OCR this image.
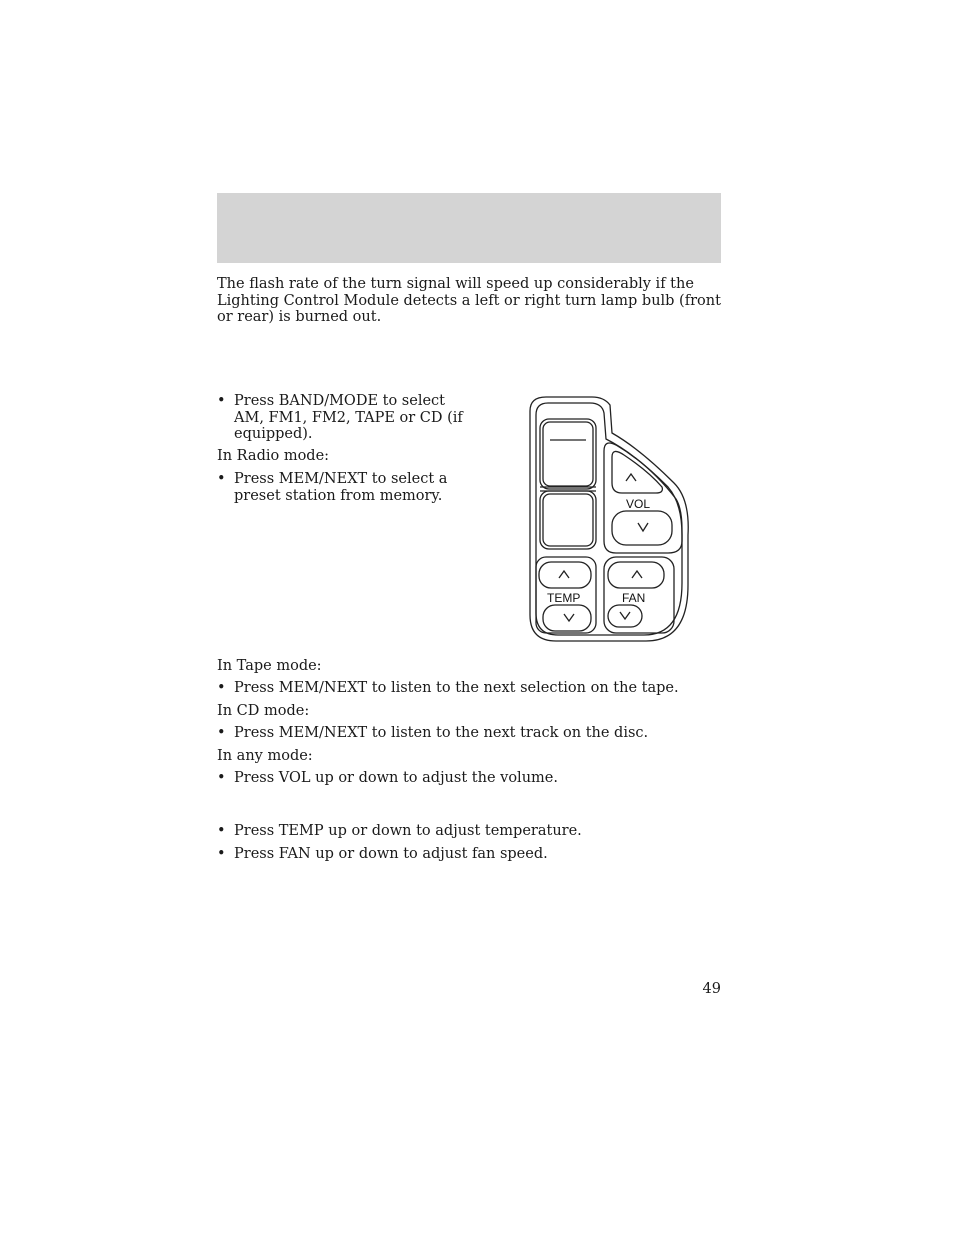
The flash rate of the turn signal will speed up considerably if the Lighting Control Module detects a left or right turn lamp bulb (front or rear) is burned out.

• Press BAND/MODE to select AM, FM1, FM2, TAPE or CD (if equipped).

In Radio mode:

• Press MEM/NEXT to select a preset station from memory.
VOL
TEMP	FAN

In Tape mode:

• Press MEM/NEXT to listen to the next selection on the tape.

In CD mode:

• Press MEM/NEXT to listen to the next track on the disc.

In any mode:

• Press VOL up or down to adjust the volume.
• Press TEMP up or down to adjust temperature.
• Press FAN up or down to adjust fan speed.
49
